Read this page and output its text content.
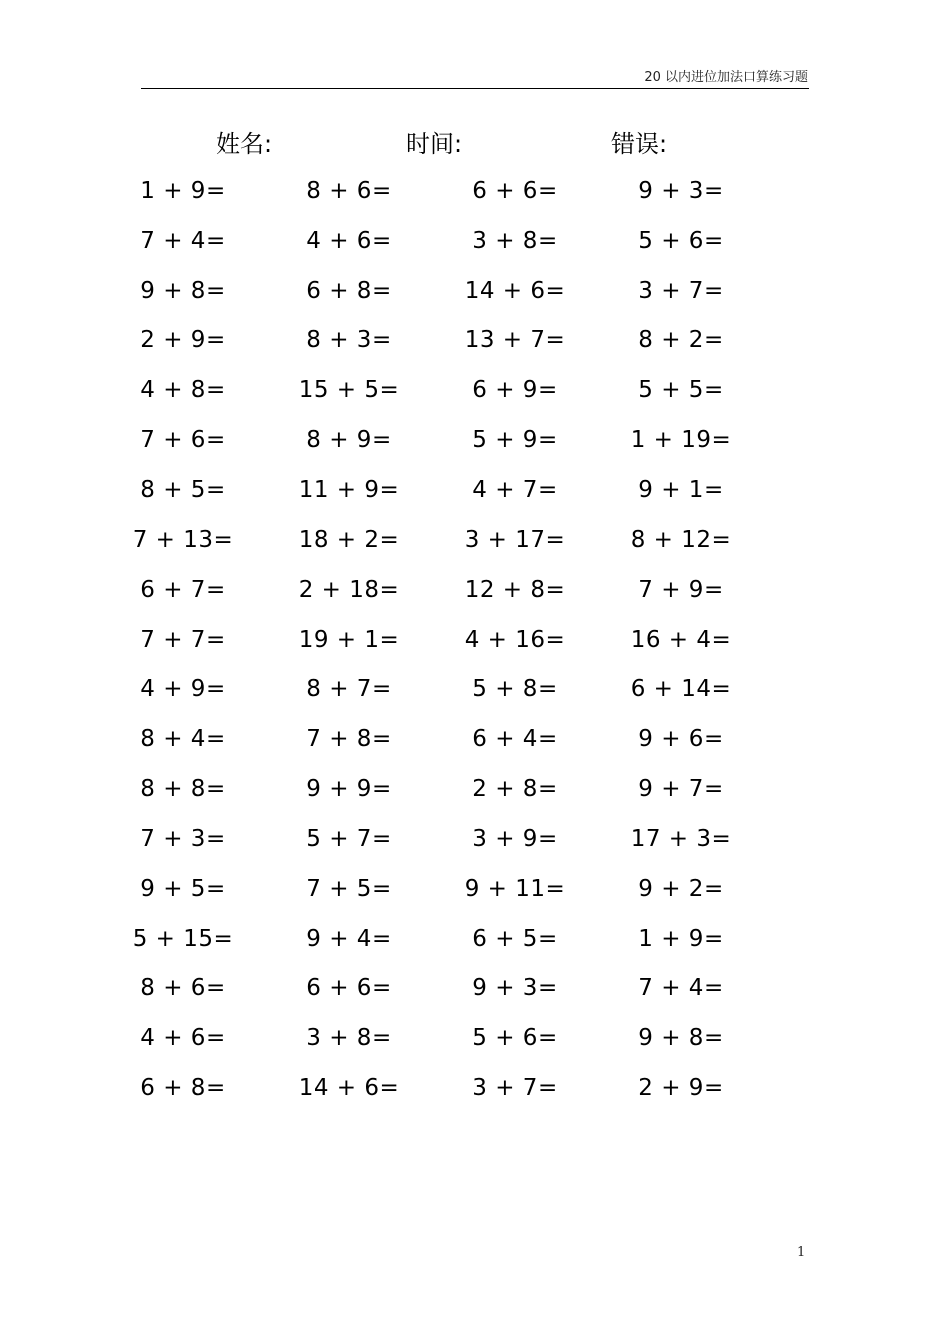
20 以内进位加法口算练习题
姓名:	时间:	错误:
1 + 9=	8 + 6=	6 + 6=	9 + 3=
7 + 4=	4 + 6=	3 + 8=	5 + 6=
9 + 8=	6 + 8=	14 + 6=	3 + 7=
2 + 9=	8 + 3=	13 + 7=	8 + 2=
4 + 8=	15 + 5=	6 + 9=	5 + 5=
7 + 6=	8 + 9=	5 + 9=	1 + 19=
8 + 5=	11 + 9=	4 + 7=	9 + 1=
7 + 13=	18 + 2=	3 + 17=	8 + 12=
6 + 7=	2 + 18=	12 + 8=	7 + 9=
7 + 7=	19 + 1=	4 + 16=	16 + 4=
4 + 9=	8 + 7=	5 + 8=	6 + 14=
8 + 4=	7 + 8=	6 + 4=	9 + 6=
8 + 8=	9 + 9=	2 + 8=	9 + 7=
7 + 3=	5 + 7=	3 + 9=	17 + 3=
9 + 5=	7 + 5=	9 + 11=	9 + 2=
5 + 15=	9 + 4=	6 + 5=	1 + 9=
8 + 6=	6 + 6=	9 + 3=	7 + 4=
4 + 6=	3 + 8=	5 + 6=	9 + 8=
6 + 8=	14 + 6=	3 + 7=	2 + 9=
1
